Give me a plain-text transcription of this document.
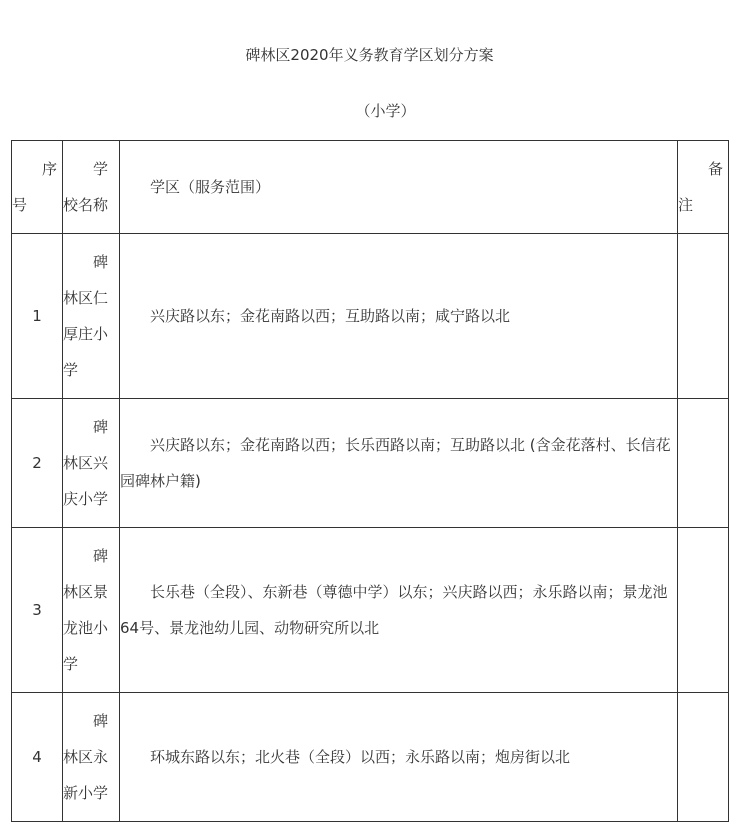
碑林区2020年义务教育学区划分方案
（小学）
序号	学校名称	学区（服务范围）	备注

1	碑林区仁厚庄小学	兴庆路以东；金花南路以西；互助路以南；咸宁路以北	
2	碑林区兴庆小学	兴庆路以东；金花南路以西；长乐西路以南；互助路以北 (含金花落村、长信花园碑林户籍)	
3	碑林区景龙池小学	长乐巷（全段）、东新巷（尊德中学）以东；兴庆路以西；永乐路以南；景龙池64号、景龙池幼儿园、动物研究所以北	
4	碑林区永新小学	环城东路以东；北火巷（全段）以西；永乐路以南；炮房街以北	
